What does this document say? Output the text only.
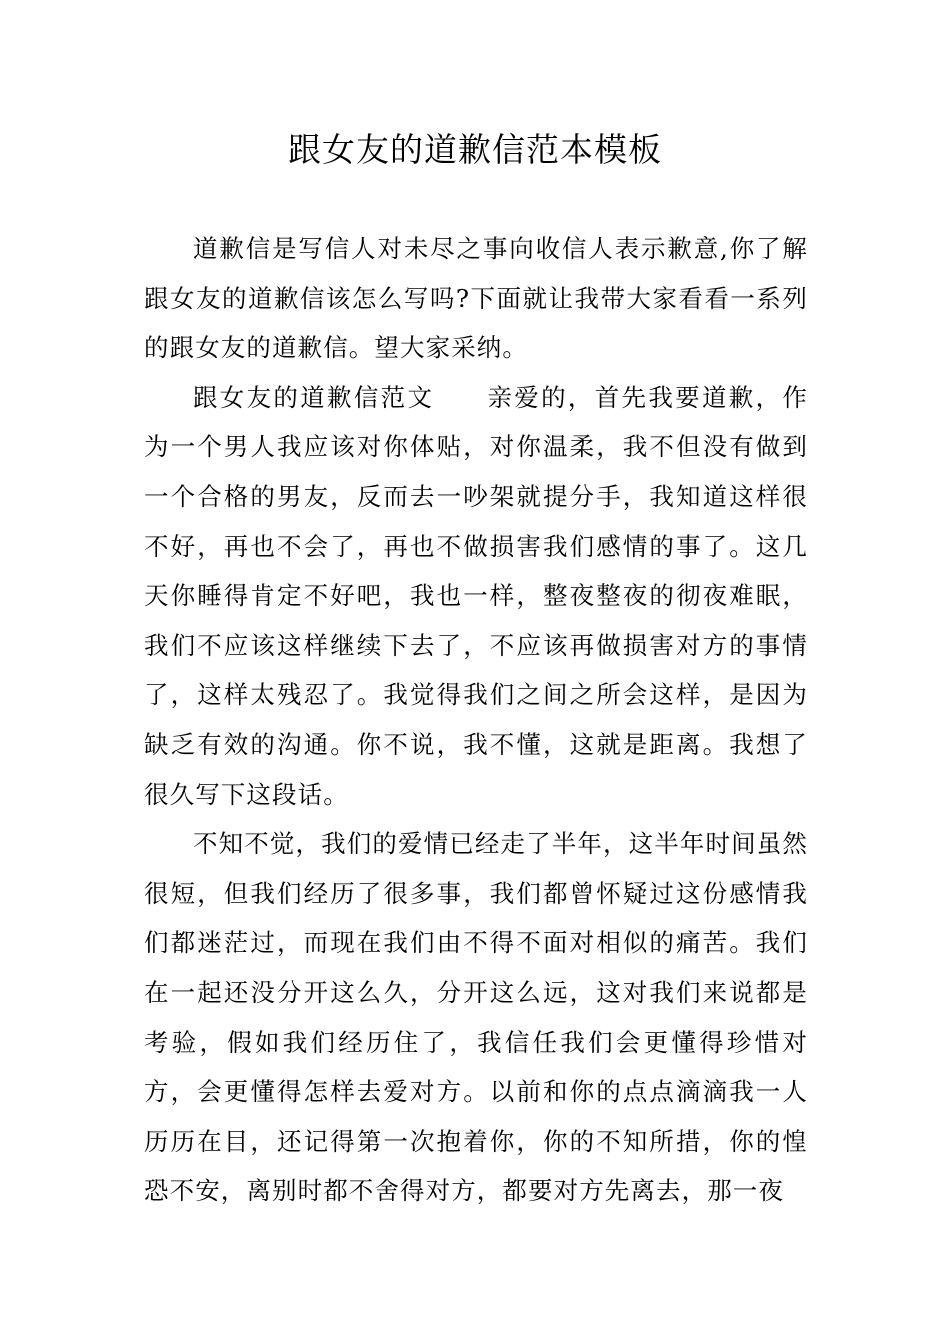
跟女友的道歉信范本模板

道歉信是写信人对未尽之事向收信人表示歉意,你了解跟女友的道歉信该怎么写吗?下面就让我带大家看看一系列的跟女友的道歉信。望大家采纳。

跟女友的道歉信范文 亲爱的，首先我要道歉，作为一个男人我应该对你体贴，对你温柔，我不但没有做到一个合格的男友，反而去一吵架就提分手，我知道这样很不好，再也不会了，再也不做损害我们感情的事了。这几天你睡得肯定不好吧，我也一样，整夜整夜的彻夜难眠，我们不应该这样继续下去了，不应该再做损害对方的事情了，这样太残忍了。我觉得我们之间之所会这样，是因为缺乏有效的沟通。你不说，我不懂，这就是距离。我想了很久写下这段话。

不知不觉，我们的爱情已经走了半年，这半年时间虽然很短，但我们经历了很多事，我们都曾怀疑过这份感情我们都迷茫过，而现在我们由不得不面对相似的痛苦。我们在一起还没分开这么久，分开这么远，这对我们来说都是考验，假如我们经历住了，我信任我们会更懂得珍惜对方，会更懂得怎样去爱对方。以前和你的点点滴滴我一人历历在目，还记得第一次抱着你，你的不知所措，你的惶恐不安，离别时都不舍得对方，都要对方先离去，那一夜
